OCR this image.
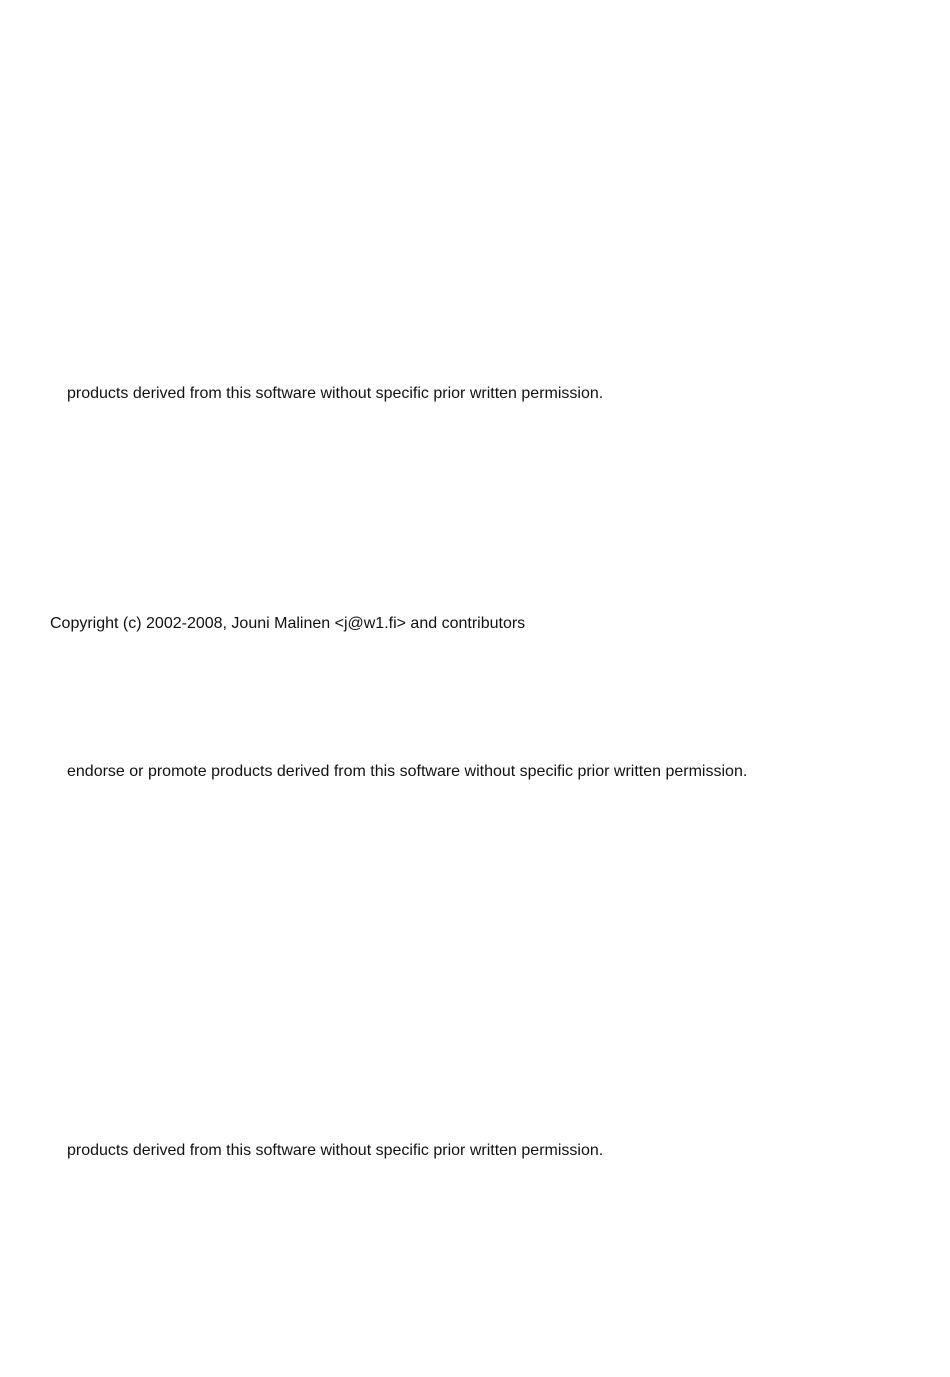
products derived from this software without specific prior written permission.
Copyright (c) 2002-2008, Jouni Malinen <j@w1.fi> and contributors
endorse or promote products derived from this software without specific prior written permission.
products derived from this software without specific prior written permission.
